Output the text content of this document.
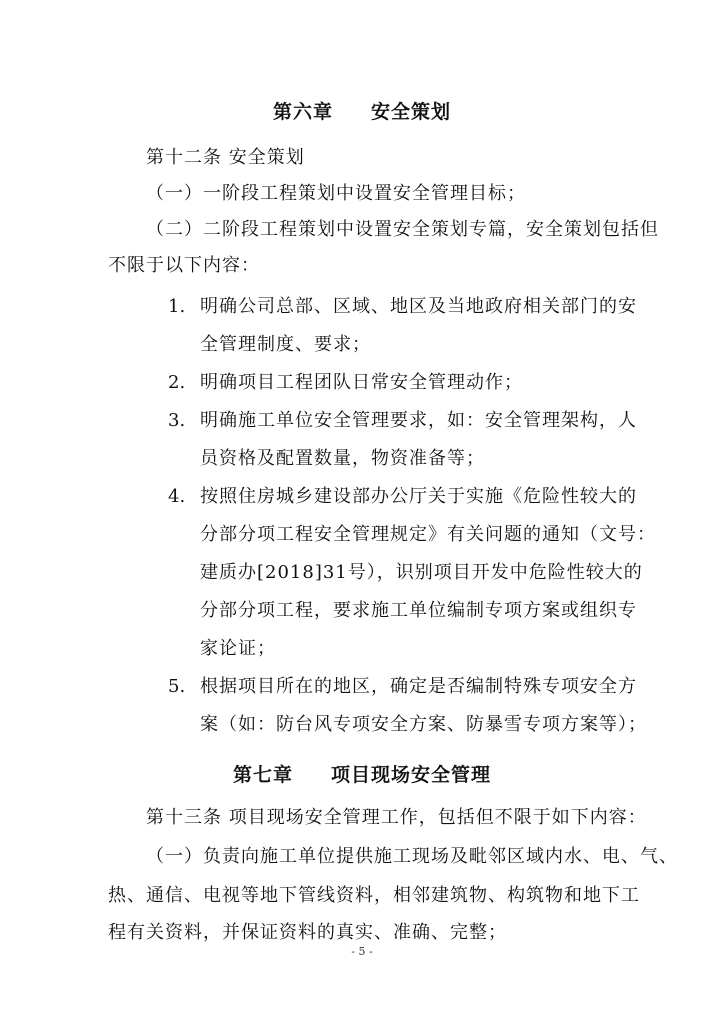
第六章     安全策划
第十二条 安全策划
（一）一阶段工程策划中设置安全管理目标；
（二）二阶段工程策划中设置安全策划专篇，安全策划包括但
不限于以下内容：
1. 明确公司总部、区域、地区及当地政府相关部门的安
全管理制度、要求；
2. 明确项目工程团队日常安全管理动作；
3. 明确施工单位安全管理要求，如：安全管理架构，人
员资格及配置数量，物资准备等；
4. 按照住房城乡建设部办公厅关于实施《危险性较大的
分部分项工程安全管理规定》有关问题的通知（文号：
建质办[2018]31号），识别项目开发中危险性较大的
分部分项工程，要求施工单位编制专项方案或组织专
家论证；
5. 根据项目所在的地区，确定是否编制特殊专项安全方
案（如：防台风专项安全方案、防暴雪专项方案等）；
第七章     项目现场安全管理
第十三条 项目现场安全管理工作，包括但不限于如下内容：
（一）负责向施工单位提供施工现场及毗邻区域内水、电、气、
热、通信、电视等地下管线资料，相邻建筑物、构筑物和地下工
程有关资料，并保证资料的真实、准确、完整；
- 5 -
